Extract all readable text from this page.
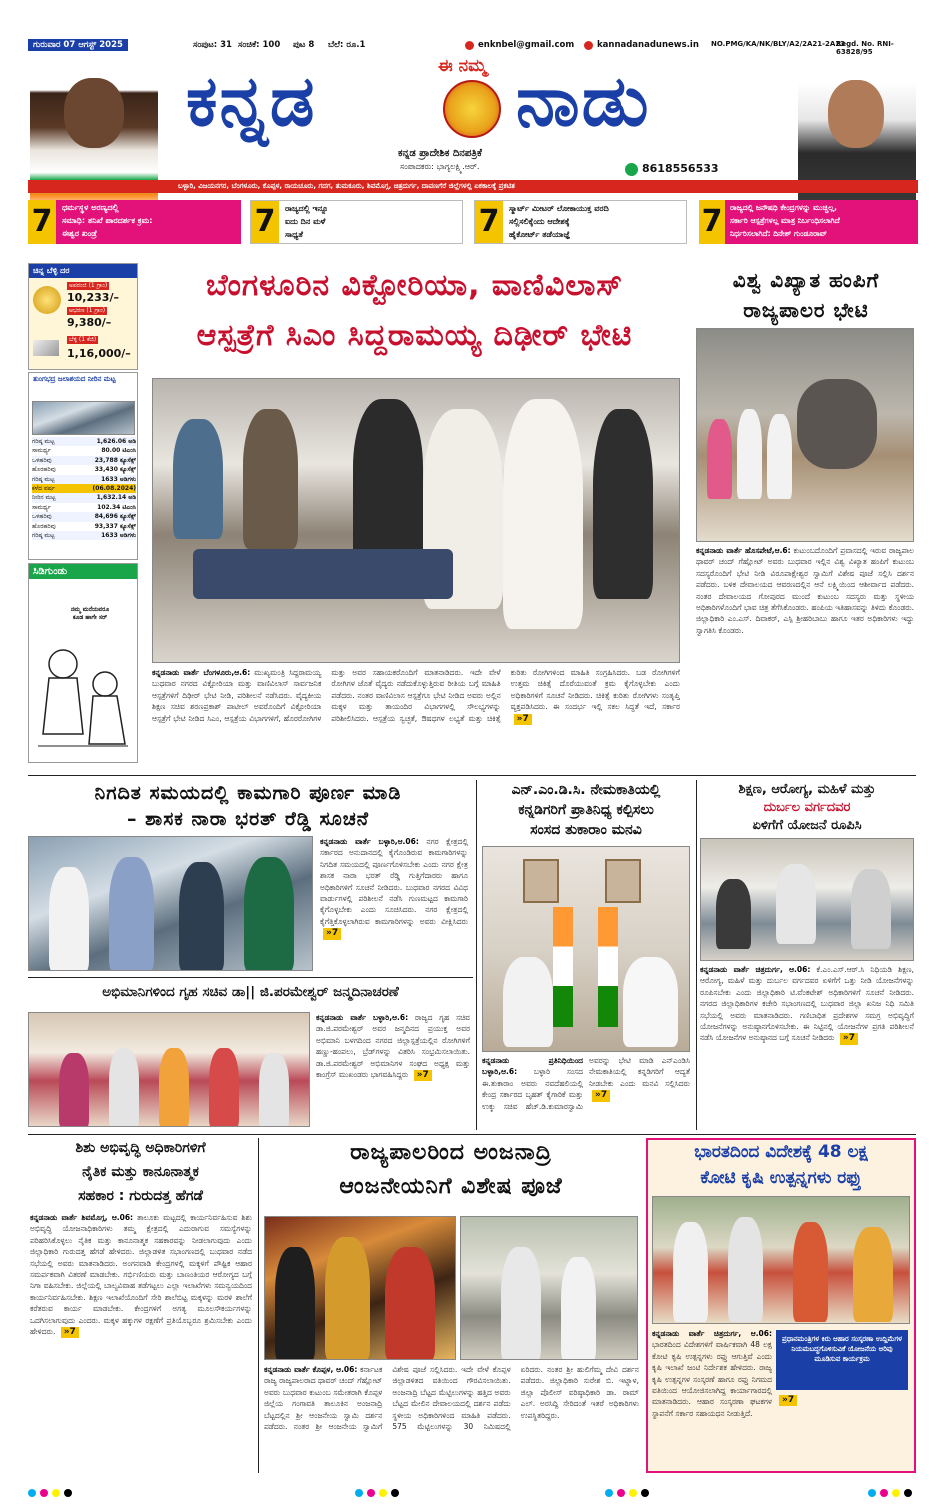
ಗುರುವಾರ 07 ಆಗಸ್ಟ್ 2025	ಸಂಪುಟ: 31 ಸಂಚಿಕೆ: 100 ಪುಟ 8 ಬೆಲೆ: ರೂ.1	enknbel@gmail.com	kannadanadunews.in NO.PMG/KA/NK/BLY/A2/2A21-2A23
Regd. No. RNI- 63828/95
ಕನ್ನಡ	ಈ ನಮ್ಮ ನಾಡು
ಕನ್ನಡ ಪ್ರಾದೇಶಿಕ ದಿನಪತ್ರಿಕೆ
ಸಂಪಾದಕರು: ಭಾಗ್ಯಲಕ್ಷ್ಮಿ.ಆರ್.	8618556533
ಬಳ್ಳಾರಿ, ವಿಜಯನಗರ, ಬೆಂಗಳೂರು, ಕೊಪ್ಪಳ, ರಾಯಚೂರು, ಗದಗ, ತುಮಕೂರು, ಶಿವಮೊಗ್ಗ, ಚಿತ್ರದುರ್ಗ, ದಾವಣಗೆರೆ ಜಿಲ್ಲೆಗಳಲ್ಲಿ ಏಕಕಾಲಕ್ಕೆ ಪ್ರಕಟಿತ
7	ಧರ್ಮಸ್ಥಳ ಅರಣ್ಯದಲ್ಲಿ
ಸಮಾಧಿ: ತನಿಖೆ ಪಾರದರ್ಶಕ ಕ್ರಮ:
ಈಶ್ವರ ಖಂಡ್ರೆ	7	ರಾಜ್ಯದಲ್ಲಿ ಇನ್ನೂ
ಐದು ದಿನ ಮಳೆ
ಸಾಧ್ಯತೆ	7	ಸ್ಮಾರ್ಟ್ ಮೀಟರ್ ಲೋಕಾಯುಕ್ತ ವರದಿ
ಸಲ್ಲಿಸಲಿಕ್ಕೆಂದು ಆದೇಶಕ್ಕೆ
ಹೈಕೋರ್ಟ್ ತಡೆಯಾಜ್ಞೆ	7	ರಾಜ್ಯದಲ್ಲಿ ಜನೌಷಧಿ ಕೇಂದ್ರಗಳನ್ನು ಮುಚ್ಚಿಲ್ಲ,
ಸರ್ಕಾರಿ ಆಸ್ಪತ್ರೆಗಳಲ್ಲ ಮಾತ್ರ ನಿರ್ಬಂಧಿಸಲಾಗಿದೆ
ನಿರ್ಧರಿಸಲಾಗಿದೆ: ದಿನೇಶ್ ಗುಂಡೂರಾವ್
ಚಿನ್ನ ಬೆಳ್ಳಿ ದರ
ಅಪರಂಜಿ (1 ಗ್ರಾಂ)
10,233/–
ಆಭರಣ (1 ಗ್ರಾಂ)
9,380/–
ಬೆಳ್ಳಿ (1 ಕೆಜಿ)
1,16,000/–
ತುಂಗಭದ್ರ ಜಲಾಶಯದ ನೀರಿನ ಮಟ್ಟ
ಗರಿಷ್ಠ ಮಟ್ಟ	1,626.06 ಅಡಿ
ಸಾಮರ್ಥ್ಯ	80.00 ಟಿಎಂಸಿ
ಒಳಹರಿವು	23,788 ಕ್ಯೂಸೆಕ್ಸ್
ಹೊರಹರಿವು	33,430 ಕ್ಯೂಸೆಕ್ಸ್
ಗರಿಷ್ಠ ಮಟ್ಟ	1633 ಅಡಿಗಳು
ಕಳೆದ ವರ್ಷ	(06.08.2024)
ನೀರಿನ ಮಟ್ಟ	1,632.14 ಅಡಿ
ಸಾಮರ್ಥ್ಯ	102.34 ಟಿಎಂಸಿ
ಒಳಹರಿವು	84,696 ಕ್ಯೂಸೆಕ್ಸ್
ಹೊರಹರಿವು	93,337 ಕ್ಯೂಸೆಕ್ಸ್
ಗರಿಷ್ಠ ಮಟ್ಟ	1633 ಅಡಿಗಳು
ಸಿಡಿಗುಂಡು
ನಮ್ಮ ಮನೆಯವರೂ ಕೂಡ ಹಾಗೇ ಸರ್
ಬೆಂಗಳೂರಿನ ವಿಕ್ಟೋರಿಯಾ, ವಾಣಿವಿಲಾಸ್
ಆಸ್ಪತ್ರೆಗೆ ಸಿಎಂ ಸಿದ್ದರಾಮಯ್ಯ ದಿಢೀರ್ ಭೇಟಿ
ಕನ್ನಡನಾಡು ವಾರ್ತೆ ಬೆಂಗಳೂರು,ಆ.6: ಮುಖ್ಯಮಂತ್ರಿ ಸಿದ್ದರಾಮಯ್ಯ ಬುಧವಾರ ನಗರದ ವಿಕ್ಟೋರಿಯಾ ಮತ್ತು ವಾಣಿವಿಲಾಸ್ ಸಾರ್ವಜನಿಕ ಆಸ್ಪತ್ರೆಗಳಿಗೆ ದಿಢೀರ್ ಭೇಟಿ ನೀಡಿ, ಪರಿಶೀಲನೆ ನಡೆಸಿದರು. ವೈದ್ಯಕೀಯ ಶಿಕ್ಷಣ ಸಚಿವ ಶರಣಪ್ರಕಾಶ್ ಪಾಟೀಲ್ ಅವರೊಂದಿಗೆ ವಿಕ್ಟೋರಿಯಾ ಆಸ್ಪತ್ರೆಗೆ ಭೇಟಿ ನೀಡಿದ ಸಿಎಂ, ಆಸ್ಪತ್ರೆಯ ವಿಭಾಗಗಳಿಗೆ, ಹೊರರೋಗಿಗಳ ಮತ್ತು ಅವರ ಸಹಾಯಕರೊಂದಿಗೆ ಮಾತನಾಡಿದರು. ಇದೇ ವೇಳೆ ರೋಗಿಗಳ ಜೊತೆ ವೈದ್ಯರು ನಡೆದುಕೊಳ್ಳುತ್ತಿರುವ ರೀತಿಯ ಬಗ್ಗೆ ಮಾಹಿತಿ ಪಡೆದರು. ನಂತರ ವಾಣಿವಿಲಾಸ ಆಸ್ಪತ್ರೆಗೂ ಭೇಟಿ ನೀಡಿದ ಅವರು ಅಲ್ಲಿನ ಮಕ್ಕಳ ಮತ್ತು ತಾಯಂದಿರ ವಿಭಾಗಗಳಲ್ಲಿ ಸೌಲಭ್ಯಗಳನ್ನು ಪರಿಶೀಲಿಸಿದರು. ಆಸ್ಪತ್ರೆಯ ಸ್ವಚ್ಛತೆ, ಔಷಧಗಳ ಲಭ್ಯತೆ ಮತ್ತು ಚಿಕಿತ್ಸೆ ಕುರಿತು ರೋಗಿಗಳಿಂದ ಮಾಹಿತಿ ಸಂಗ್ರಹಿಸಿದರು. ಬಡ ರೋಗಿಗಳಿಗೆ ಉತ್ತಮ ಚಿಕಿತ್ಸೆ ದೊರೆಯುವಂತೆ ಕ್ರಮ ಕೈಗೊಳ್ಳಬೇಕು ಎಂದು ಅಧಿಕಾರಿಗಳಿಗೆ ಸೂಚನೆ ನೀಡಿದರು. ಚಿಕಿತ್ಸೆ ಕುರಿತು ರೋಗಿಗಳು ಸಂತೃಪ್ತಿ ವ್ಯಕ್ತಪಡಿಸಿದರು. ಈ ಸಂದರ್ಭ ಇಲ್ಲಿ ಸಕಲ ಸಿದ್ಧತೆ ಇದೆ, ಸರ್ಕಾರ »7
ವಿಶ್ವ ವಿಖ್ಯಾತ ಹಂಪಿಗೆ
ರಾಜ್ಯಪಾಲರ ಭೇಟಿ
ಕನ್ನಡನಾಡು ವಾರ್ತೆ ಹೊಸಪೇಟೆ,ಆ.6: ಕುಟುಂಬದೊಂದಿಗೆ ಪ್ರವಾಸದಲ್ಲಿ ಇರುವ ರಾಜ್ಯಪಾಲ ಥಾವರ್ ಚಂದ್ ಗೆಹ್ಲೋಟ್ ಅವರು ಬುಧವಾರ ಇಲ್ಲಿನ ವಿಶ್ವ ವಿಖ್ಯಾತ ಹಂಪಿಗೆ ಕುಟುಂಬ ಸದಸ್ಯರೊಂದಿಗೆ ಭೇಟಿ ನೀಡಿ ವಿರೂಪಾಕ್ಷೇಶ್ವರ ಸ್ವಾಮಿಗೆ ವಿಶೇಷ ಪೂಜೆ ಸಲ್ಲಿಸಿ ದರ್ಶನ ಪಡೆದರು. ಬಳಿಕ ದೇವಾಲಯದ ಆವರಣದಲ್ಲಿನ ಆನೆ ಲಕ್ಷ್ಮಿಯಿಂದ ಆಶೀರ್ವಾದ ಪಡೆದರು. ನಂತರ ದೇವಾಲಯದ ಗೋಪುರದ ಮುಂದೆ ಕುಟುಂಬ ಸದಸ್ಯರು ಮತ್ತು ಸ್ಥಳೀಯ ಅಧಿಕಾರಿಗಳೊಂದಿಗೆ ಭಾವ ಚಿತ್ರ ತೆಗೆಸಿಕೊಂಡರು. ಹಂಪಿಯ ಇತಿಹಾಸವನ್ನು ತಿಳಿದು ಕೊಂಡರು. ಜಿಲ್ಲಾಧಿಕಾರಿ ಎಂ.ಎಸ್. ದಿವಾಕರ್, ಎಸ್ಪಿ ಶ್ರೀಹರಿಬಾಬು ಹಾಗೂ ಇತರ ಅಧಿಕಾರಿಗಳು ಇದ್ದು ಸ್ವಾಗತಿಸಿ ಕೊಂಡರು.
ನಿಗದಿತ ಸಮಯದಲ್ಲಿ ಕಾಮಗಾರಿ ಪೂರ್ಣ ಮಾಡಿ
– ಶಾಸಕ ನಾರಾ ಭರತ್ ರೆಡ್ಡಿ ಸೂಚನೆ
ಕನ್ನಡನಾಡು ವಾರ್ತೆ ಬಳ್ಳಾರಿ,ಆ.06: ನಗರ ಕ್ಷೇತ್ರದಲ್ಲಿ ಸರ್ಕಾರದ ಅನುದಾನದಲ್ಲಿ ಕೈಗೊಂಡಿರುವ ಕಾಮಗಾರಿಗಳನ್ನು ನಿಗದಿತ ಸಮಯದಲ್ಲಿ ಪೂರ್ಣಗೊಳಿಸಬೇಕು ಎಂದು ನಗರ ಕ್ಷೇತ್ರ ಶಾಸಕ ನಾರಾ ಭರತ್ ರೆಡ್ಡಿ ಗುತ್ತಿಗೆದಾರರು ಹಾಗೂ ಅಧಿಕಾರಿಗಳಿಗೆ ಸೂಚನೆ ನೀಡಿದರು. ಬುಧವಾರ ನಗರದ ವಿವಿಧ ವಾರ್ಡುಗಳಲ್ಲಿ ಪರಿಶೀಲನೆ ನಡೆಸಿ ಗುಣಮಟ್ಟದ ಕಾಮಗಾರಿ ಕೈಗೊಳ್ಳಬೇಕು ಎಂದು ಸೂಚಿಸಿದರು. ನಗರ ಕ್ಷೇತ್ರದಲ್ಲಿ ಕೈಗೆತ್ತಿಕೊಳ್ಳಲಾಗಿರುವ ಕಾಮಗಾರಿಗಳನ್ನು ಅವರು ವೀಕ್ಷಿಸಿದರು »7
ಅಭಿಮಾನಿಗಳಿಂದ ಗೃಹ ಸಚಿವ ಡಾ|| ಜಿ.ಪರಮೇಶ್ವರ್ ಜನ್ಮದಿನಾಚರಣೆ
ಕನ್ನಡನಾಡು ವಾರ್ತೆ ಬಳ್ಳಾರಿ,ಆ.6: ರಾಜ್ಯದ ಗೃಹ ಸಚಿವ ಡಾ.ಜಿ.ಪರಮೇಶ್ವರ್ ಅವರ ಜನ್ಮದಿನದ ಪ್ರಯುಕ್ತ ಅವರ ಅಭಿಮಾನಿ ಬಳಗದಿಂದ ನಗರದ ಜಿಲ್ಲಾಸ್ಪತ್ರೆಯಲ್ಲಿನ ರೋಗಿಗಳಿಗೆ ಹಣ್ಣು-ಹಂಪಲು, ಬ್ರೆಡ್‌ಗಳನ್ನು ವಿತರಿಸಿ ಸಂಭ್ರಮಿಸಲಾಯಿತು. ಡಾ.ಜಿ.ಪರಮೇಶ್ವರ್ ಅಭಿಮಾನಿಗಳ ಸಂಘದ ಅಧ್ಯಕ್ಷ ಮತ್ತು ಕಾಂಗ್ರೆಸ್ ಮುಖಂಡರು ಭಾಗವಹಿಸಿದ್ದರು »7
ಎನ್.ಎಂ.ಡಿ.ಸಿ. ನೇಮಕಾತಿಯಲ್ಲಿ
ಕನ್ನಡಿಗರಿಗೆ ಪ್ರಾತಿನಿಧ್ಯ ಕಲ್ಪಿಸಲು
ಸಂಸದ ತುಕಾರಾಂ ಮನವಿ
ಕನ್ನಡನಾಡು ಪ್ರತಿನಿಧಿಯಿಂದ ಬಳ್ಳಾರಿ,ಆ.6: ಬಳ್ಳಾರಿ ಸಂಸದ ಈ.ತುಕಾರಾಂ ಅವರು ನವದೆಹಲಿಯಲ್ಲಿ ಕೇಂದ್ರ ಸರ್ಕಾರದ ಬೃಹತ್ ಕೈಗಾರಿಕೆ ಮತ್ತು ಉಕ್ಕು ಸಚಿವ ಹೆಚ್.ಡಿ.ಕುಮಾರಸ್ವಾಮಿ ಅವರನ್ನು ಭೇಟಿ ಮಾಡಿ ಎನ್‌ಎಂಡಿಸಿ ನೇಮಕಾತಿಯಲ್ಲಿ ಕನ್ನಡಿಗರಿಗೆ ಆದ್ಯತೆ ನೀಡಬೇಕು ಎಂದು ಮನವಿ ಸಲ್ಲಿಸಿದರು »7
ಶಿಕ್ಷಣ, ಆರೋಗ್ಯ, ಮಹಿಳೆ ಮತ್ತು
ದುರ್ಬಲ ವರ್ಗದವರ
ಏಳಿಗೆಗೆ ಯೋಜನೆ ರೂಪಿಸಿ
ಕನ್ನಡನಾಡು ವಾರ್ತೆ ಚಿತ್ರದುರ್ಗ, ಆ.06: ಕೆ.ಎಂ.ಎಸ್.ಆರ್.ಸಿ ನಿಧಿಯಡಿ ಶಿಕ್ಷಣ, ಆರೋಗ್ಯ, ಮಹಿಳೆ ಮತ್ತು ದುರ್ಬಲ ವರ್ಗದವರ ಏಳಿಗೆಗೆ ಒತ್ತು ನೀಡಿ ಯೋಜನೆಗಳನ್ನು ರೂಪಿಸಬೇಕು ಎಂದು ಜಿಲ್ಲಾಧಿಕಾರಿ ಟಿ.ವೆಂಕಟೇಶ್ ಅಧಿಕಾರಿಗಳಿಗೆ ಸೂಚನೆ ನೀಡಿದರು. ನಗರದ ಜಿಲ್ಲಾಧಿಕಾರಿಗಳ ಕಚೇರಿ ಸಭಾಂಗಣದಲ್ಲಿ ಬುಧವಾರ ಜಿಲ್ಲಾ ಖನಿಜ ನಿಧಿ ಸಮಿತಿ ಸಭೆಯಲ್ಲಿ ಅವರು ಮಾತನಾಡಿದರು. ಗಣಿಬಾಧಿತ ಪ್ರದೇಶಗಳ ಸಮಗ್ರ ಅಭಿವೃದ್ಧಿಗೆ ಯೋಜನೆಗಳನ್ನು ಅನುಷ್ಠಾನಗೊಳಿಸಬೇಕು. ಈ ನಿಟ್ಟಿನಲ್ಲಿ ಯೋಜನೆಗಳ ಪ್ರಗತಿ ಪರಿಶೀಲನೆ ನಡೆಸಿ ಯೋಜನೆಗಳ ಅನುಷ್ಠಾನದ ಬಗ್ಗೆ ಸೂಚನೆ ನೀಡಿದರು »7
ಶಿಶು ಅಭಿವೃದ್ಧಿ ಅಧಿಕಾರಿಗಳಿಗೆ
ನೈತಿಕ ಮತ್ತು ಕಾನೂನಾತ್ಮಕ
ಸಹಕಾರ : ಗುರುದತ್ತ ಹೆಗಡೆ
ಕನ್ನಡನಾಡು ವಾರ್ತೆ ಶಿವಮೊಗ್ಗ, ಆ.06: ತಾಲೂಕು ಮಟ್ಟದಲ್ಲಿ ಕಾರ್ಯನಿರ್ವಹಿಸುವ ಶಿಶು ಅಭಿವೃದ್ಧಿ ಯೋಜನಾಧಿಕಾರಿಗಳು ತಮ್ಮ ಕ್ಷೇತ್ರದಲ್ಲಿ ಎದುರಾಗುವ ಸಮಸ್ಯೆಗಳನ್ನು ಪರಿಹರಿಸಿಕೊಳ್ಳಲು ನೈತಿಕ ಮತ್ತು ಕಾನೂನಾತ್ಮಕ ಸಹಕಾರವನ್ನು ನೀಡಲಾಗುವುದು ಎಂದು ಜಿಲ್ಲಾಧಿಕಾರಿ ಗುರುದತ್ತ ಹೆಗಡೆ ಹೇಳಿದರು. ಜಿಲ್ಲಾಡಳಿತ ಸಭಾಂಗಣದಲ್ಲಿ ಬುಧವಾರ ನಡೆದ ಸಭೆಯಲ್ಲಿ ಅವರು ಮಾತನಾಡಿದರು. ಅಂಗನವಾಡಿ ಕೇಂದ್ರಗಳಲ್ಲಿ ಮಕ್ಕಳಿಗೆ ಪೌಷ್ಟಿಕ ಆಹಾರ ಸಮರ್ಪಕವಾಗಿ ವಿತರಣೆ ಮಾಡಬೇಕು. ಗರ್ಭಿಣಿಯರು ಮತ್ತು ಬಾಣಂತಿಯರ ಆರೋಗ್ಯದ ಬಗ್ಗೆ ನಿಗಾ ವಹಿಸಬೇಕು. ಜಿಲ್ಲೆಯಲ್ಲಿ ಬಾಲ್ಯವಿವಾಹ ತಡೆಗಟ್ಟಲು ಎಲ್ಲಾ ಇಲಾಖೆಗಳು ಸಮನ್ವಯದಿಂದ ಕಾರ್ಯನಿರ್ವಹಿಸಬೇಕು. ಶಿಕ್ಷಣ ಇಲಾಖೆಯೊಂದಿಗೆ ಸೇರಿ ಶಾಲೆಬಿಟ್ಟ ಮಕ್ಕಳನ್ನು ಮರಳಿ ಶಾಲೆಗೆ ಕರೆತರುವ ಕಾರ್ಯ ಮಾಡಬೇಕು. ಕೇಂದ್ರಗಳಿಗೆ ಅಗತ್ಯ ಮೂಲಸೌಕರ್ಯಗಳನ್ನು ಒದಗಿಸಲಾಗುವುದು ಎಂದರು. ಮಕ್ಕಳ ಹಕ್ಕುಗಳ ರಕ್ಷಣೆಗೆ ಪ್ರತಿಯೊಬ್ಬರೂ ಶ್ರಮಿಸಬೇಕು ಎಂದು ಹೇಳಿದರು. »7
ರಾಜ್ಯಪಾಲರಿಂದ ಅಂಜನಾದ್ರಿ
ಆಂಜನೇಯನಿಗೆ ವಿಶೇಷ ಪೂಜೆ
ಕನ್ನಡನಾಡು ವಾರ್ತೆ ಕೊಪ್ಪಳ, ಆ.06: ಕರ್ನಾಟಕ ರಾಜ್ಯ ರಾಜ್ಯಪಾಲರಾದ ಥಾವರ್ ಚಂದ್ ಗೆಹ್ಲೋಟ್ ಅವರು ಬುಧವಾರ ಕುಟುಂಬ ಸಮೇತರಾಗಿ ಕೊಪ್ಪಳ ಜಿಲ್ಲೆಯ ಗಂಗಾವತಿ ತಾಲೂಕಿನ ಅಂಜನಾದ್ರಿ ಬೆಟ್ಟದಲ್ಲಿನ ಶ್ರೀ ಆಂಜನೇಯ ಸ್ವಾಮಿ ದರ್ಶನ ಪಡೆದರು. ನಂತರ ಶ್ರೀ ಆಂಜನೇಯ ಸ್ವಾಮಿಗೆ ವಿಶೇಷ ಪೂಜೆ ಸಲ್ಲಿಸಿದರು. ಇದೇ ವೇಳೆ ಕೊಪ್ಪಳ ಜಿಲ್ಲಾಡಳಿತದ ವತಿಯಿಂದ ಗೌರವಿಸಲಾಯಿತು. ಅಂಜನಾದ್ರಿ ಬೆಟ್ಟದ ಮೆಟ್ಟಿಲುಗಳನ್ನು ಹತ್ತಿದ ಅವರು ಬೆಟ್ಟದ ಮೇಲಿನ ದೇವಾಲಯದಲ್ಲಿ ದರ್ಶನ ಪಡೆದು ಸ್ಥಳೀಯ ಅಧಿಕಾರಿಗಳಿಂದ ಮಾಹಿತಿ ಪಡೆದರು. 575 ಮೆಟ್ಟಿಲುಗಳನ್ನು 30 ನಿಮಿಷದಲ್ಲಿ ಏರಿದರು. ನಂತರ ಶ್ರೀ ಹುಲಿಗೆಮ್ಮ ದೇವಿ ದರ್ಶನ ಪಡೆದರು. ಜಿಲ್ಲಾಧಿಕಾರಿ ಸುರೇಶ ಬಿ. ಇಟ್ನಾಳ, ಜಿಲ್ಲಾ ಪೊಲೀಸ್ ವರಿಷ್ಠಾಧಿಕಾರಿ ಡಾ. ರಾಮ್ ಎಲ್. ಅರಸಿದ್ದಿ ಸೇರಿದಂತೆ ಇತರೆ ಅಧಿಕಾರಿಗಳು ಉಪಸ್ಥಿತರಿದ್ದರು.
ಭಾರತದಿಂದ ವಿದೇಶಕ್ಕೆ 48 ಲಕ್ಷ
ಕೋಟಿ ಕೃಷಿ ಉತ್ಪನ್ನಗಳು ರಫ್ತು
ಕನ್ನಡನಾಡು ವಾರ್ತೆ ಚಿತ್ರದುರ್ಗ, ಆ.06: ಭಾರತದಿಂದ ವಿದೇಶಗಳಿಗೆ ವಾರ್ಷಿಕವಾಗಿ 48 ಲಕ್ಷ ಕೋಟಿ ಕೃಷಿ ಉತ್ಪನ್ನಗಳು ರಫ್ತು ಆಗುತ್ತಿವೆ ಎಂದು ಕೃಷಿ ಇಲಾಖೆ ಜಂಟಿ ನಿರ್ದೇಶಕ ಹೇಳಿದರು. ರಾಜ್ಯ ಕೃಷಿ ಉತ್ಪನ್ನಗಳ ಸಂಸ್ಕರಣೆ ಹಾಗೂ ರಫ್ತು ನಿಗಮದ ವತಿಯಿಂದ ಆಯೋಜಿಸಲಾಗಿದ್ದ ಕಾರ್ಯಾಗಾರದಲ್ಲಿ ಮಾತನಾಡಿದರು. ಆಹಾರ ಸಂಸ್ಕರಣಾ ಘಟಕಗಳ ಸ್ಥಾಪನೆಗೆ ಸರ್ಕಾರ ಸಹಾಯಧನ ನೀಡುತ್ತಿದೆ.
ಪ್ರಧಾನಮಂತ್ರಿಗಳ ಕಿರು ಆಹಾರ ಸಂಸ್ಕರಣಾ ಉದ್ದಿಮೆಗಳ ನಿಯಮಬದ್ಧಗೊಳಿಸುವಿಕೆ ಯೋಜನೆಯ ಅರಿವು ಮೂಡಿಸುವ ಕಾರ್ಯಕ್ರಮ
»7
